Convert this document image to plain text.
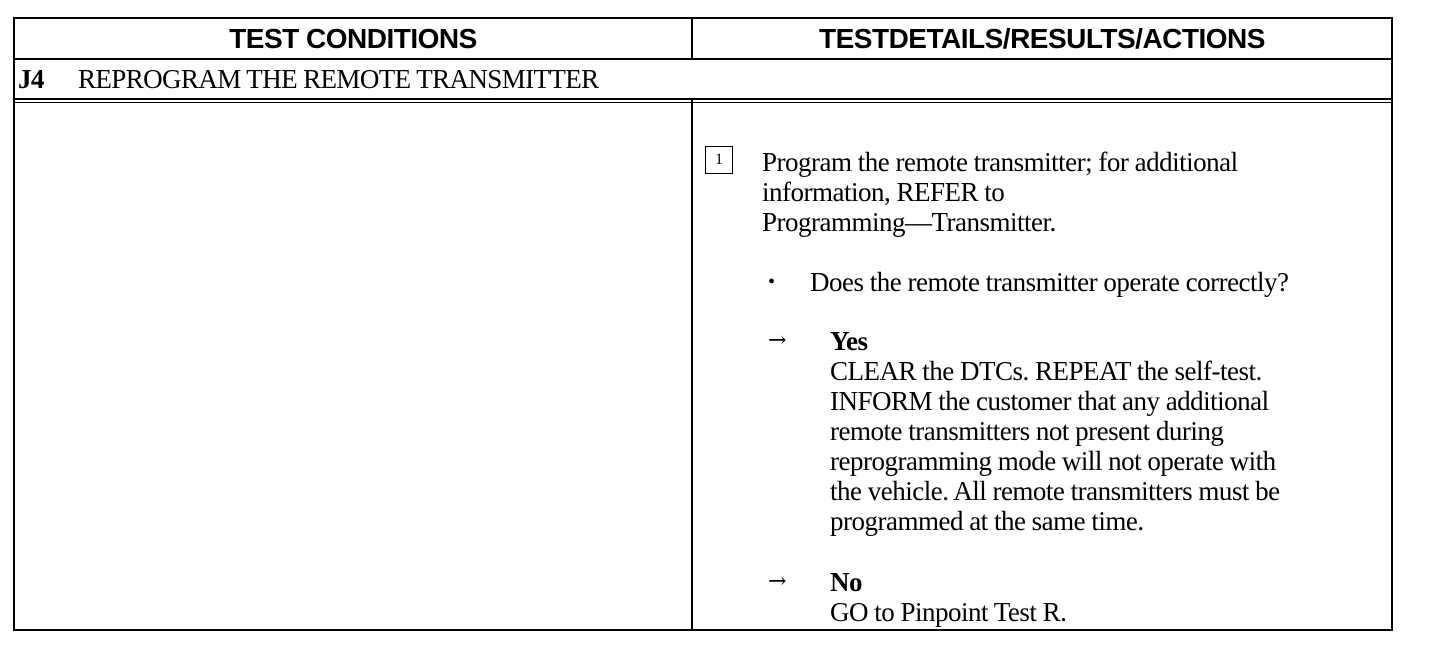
TEST CONDITIONS	TESTDETAILS/RESULTS/ACTIONS
J4 REPROGRAM THE REMOTE TRANSMITTER
1	Program the remote transmitter; for additional
information, REFER to
Programming—Transmitter.
• Does the remote transmitter operate correctly?
→ Yes
CLEAR the DTCs. REPEAT the self-test.
INFORM the customer that any additional
remote transmitters not present during
reprogramming mode will not operate with
the vehicle. All remote transmitters must be
programmed at the same time.
→ No
GO to Pinpoint Test R.
